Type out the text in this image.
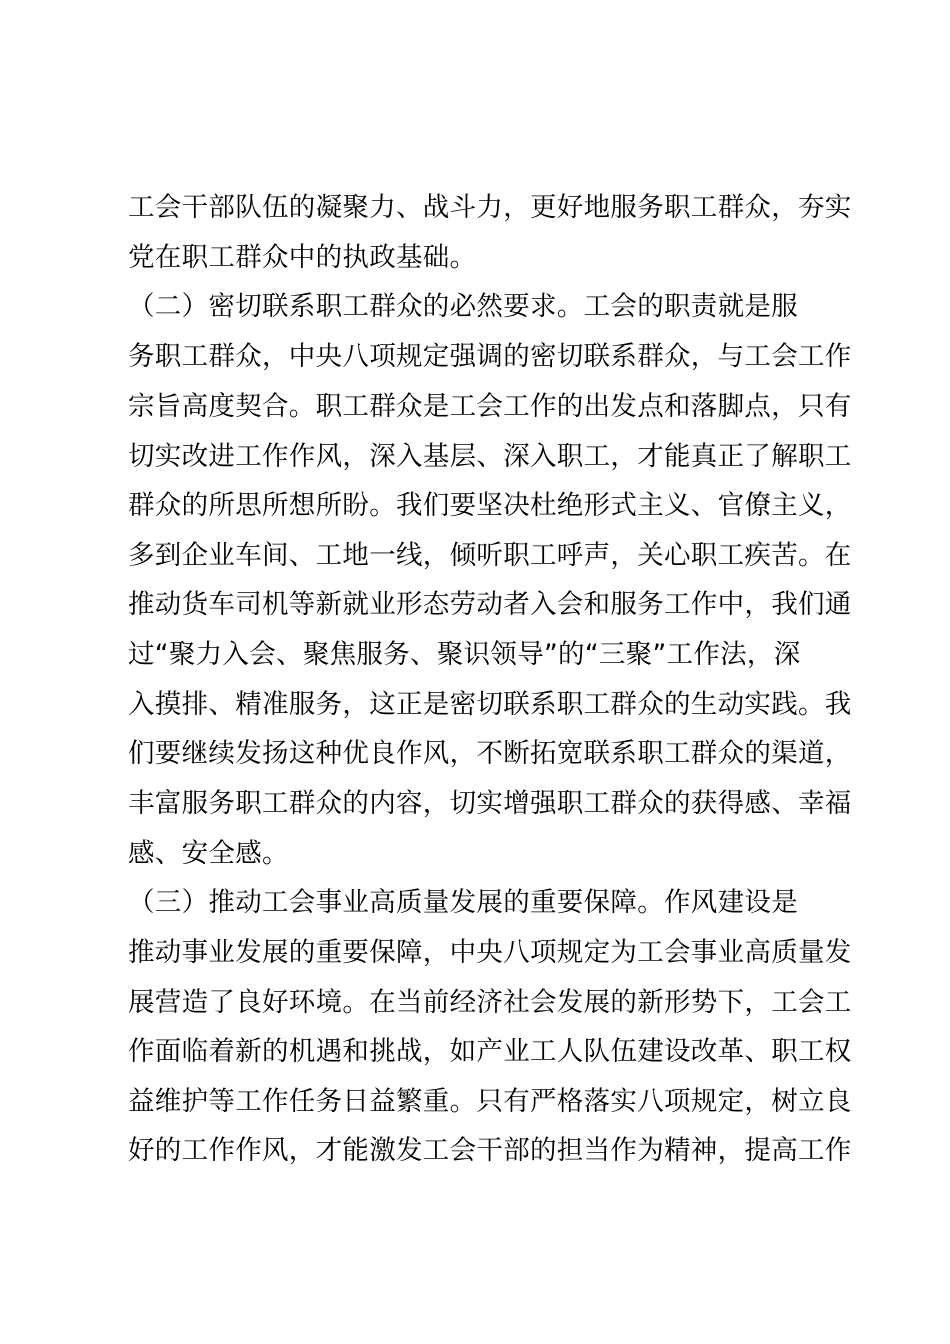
工会干部队伍的凝聚力、战斗力，更好地服务职工群众，夯实
党在职工群众中的执政基础。
（二）密切联系职工群众的必然要求。工会的职责就是服
务职工群众，中央八项规定强调的密切联系群众，与工会工作
宗旨高度契合。职工群众是工会工作的出发点和落脚点，只有
切实改进工作作风，深入基层、深入职工，才能真正了解职工
群众的所思所想所盼。我们要坚决杜绝形式主义、官僚主义，
多到企业车间、工地一线，倾听职工呼声，关心职工疾苦。在
推动货车司机等新就业形态劳动者入会和服务工作中，我们通
过“聚力入会、聚焦服务、聚识领导”的“三聚”工作法，深
入摸排、精准服务，这正是密切联系职工群众的生动实践。我
们要继续发扬这种优良作风，不断拓宽联系职工群众的渠道，
丰富服务职工群众的内容，切实增强职工群众的获得感、幸福
感、安全感。
（三）推动工会事业高质量发展的重要保障。作风建设是
推动事业发展的重要保障，中央八项规定为工会事业高质量发
展营造了良好环境。在当前经济社会发展的新形势下，工会工
作面临着新的机遇和挑战，如产业工人队伍建设改革、职工权
益维护等工作任务日益繁重。只有严格落实八项规定，树立良
好的工作作风，才能激发工会干部的担当作为精神，提高工作
